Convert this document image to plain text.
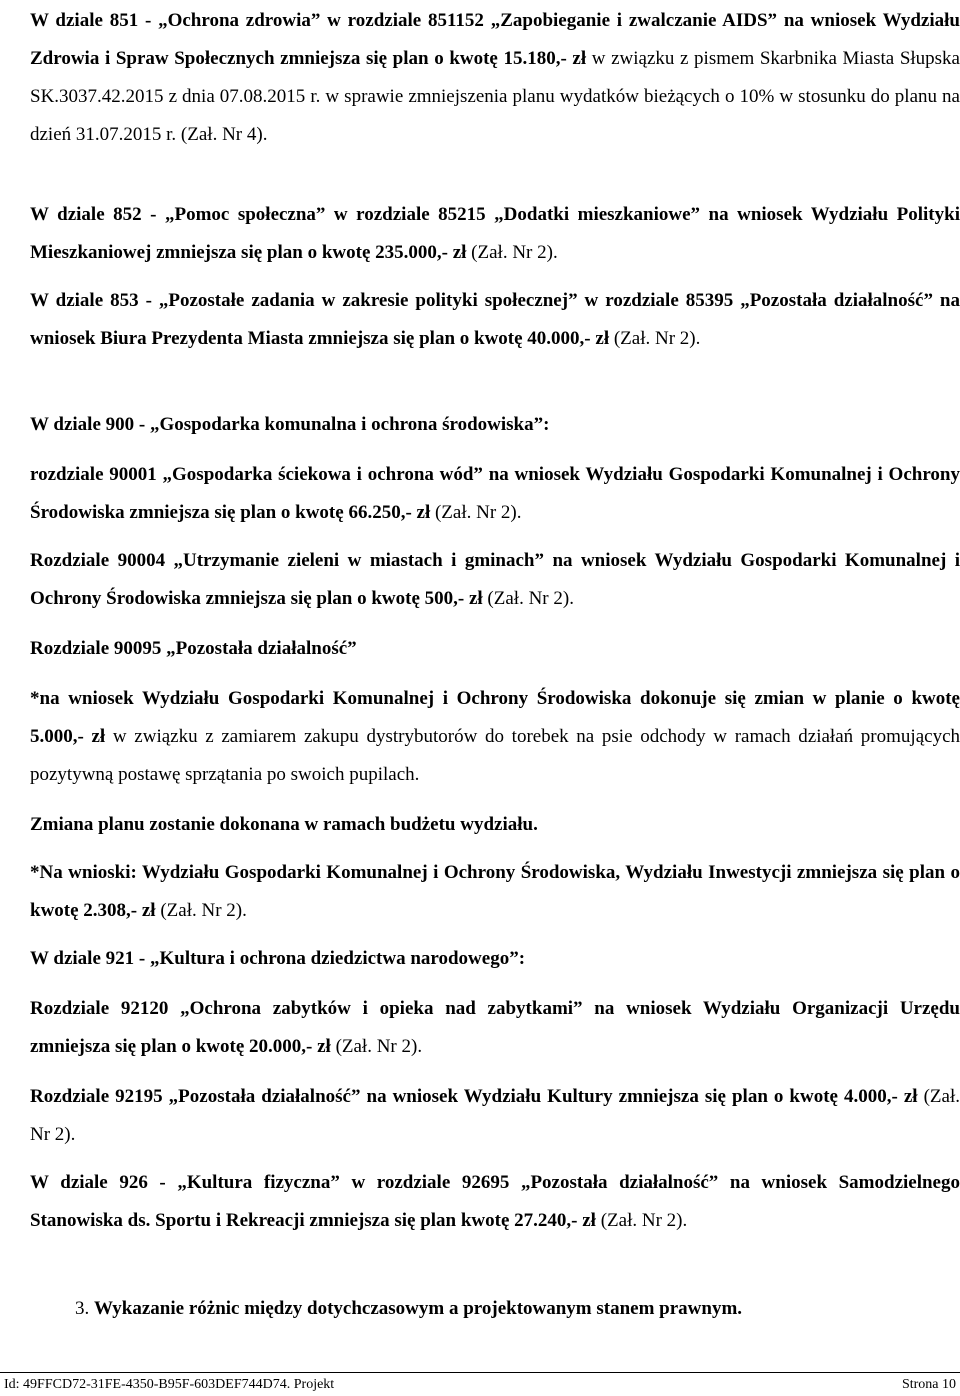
W dziale 851 - „Ochrona zdrowia” w rozdziale 851152 „Zapobieganie i zwalczanie AIDS” na wniosek Wydziału Zdrowia i Spraw Społecznych zmniejsza się plan o kwotę 15.180,- zł w związku z pismem Skarbnika Miasta Słupska SK.3037.42.2015 z dnia 07.08.2015 r. w sprawie zmniejszenia planu wydatków bieżących o 10% w stosunku do planu na dzień 31.07.2015 r. (Zał. Nr 4).

W dziale 852 - „Pomoc społeczna” w rozdziale 85215 „Dodatki mieszkaniowe” na wniosek Wydziału Polityki Mieszkaniowej zmniejsza się plan o kwotę 235.000,- zł (Zał. Nr 2).

W dziale 853 - „Pozostałe zadania w zakresie polityki społecznej” w rozdziale 85395 „Pozostała działalność” na wniosek Biura Prezydenta Miasta zmniejsza się plan o kwotę 40.000,- zł (Zał. Nr 2).

W dziale 900 - „Gospodarka komunalna i ochrona środowiska”:

rozdziale 90001 „Gospodarka ściekowa i ochrona wód” na wniosek Wydziału Gospodarki Komunalnej i Ochrony Środowiska zmniejsza się plan o kwotę 66.250,- zł (Zał. Nr 2).

Rozdziale 90004 „Utrzymanie zieleni w miastach i gminach” na wniosek Wydziału Gospodarki Komunalnej i Ochrony Środowiska zmniejsza się plan o kwotę 500,- zł (Zał. Nr 2).

Rozdziale 90095 „Pozostała działalność”

*na wniosek Wydziału Gospodarki Komunalnej i Ochrony Środowiska dokonuje się zmian w planie o kwotę 5.000,- zł w związku z zamiarem zakupu dystrybutorów do torebek na psie odchody w ramach działań promujących pozytywną postawę sprzątania po swoich pupilach.

Zmiana planu zostanie dokonana w ramach budżetu wydziału.

*Na wnioski: Wydziału Gospodarki Komunalnej i Ochrony Środowiska, Wydziału Inwestycji zmniejsza się plan o kwotę 2.308,- zł (Zał. Nr 2).

W dziale 921 - „Kultura i ochrona dziedzictwa narodowego”:

Rozdziale 92120 „Ochrona zabytków i opieka nad zabytkami” na wniosek Wydziału Organizacji Urzędu zmniejsza się plan o kwotę 20.000,- zł (Zał. Nr 2).

Rozdziale 92195 „Pozostała działalność” na wniosek Wydziału Kultury zmniejsza się plan o kwotę 4.000,- zł (Zał. Nr 2).

W dziale 926 - „Kultura fizyczna” w rozdziale 92695 „Pozostała działalność” na wniosek Samodzielnego Stanowiska ds. Sportu i Rekreacji zmniejsza się plan kwotę 27.240,- zł (Zał. Nr 2).

3. Wykazanie różnic między dotychczasowym a projektowanym stanem prawnym.

Id: 49FFCD72-31FE-4350-B95F-603DEF744D74. Projekt	Strona 10
